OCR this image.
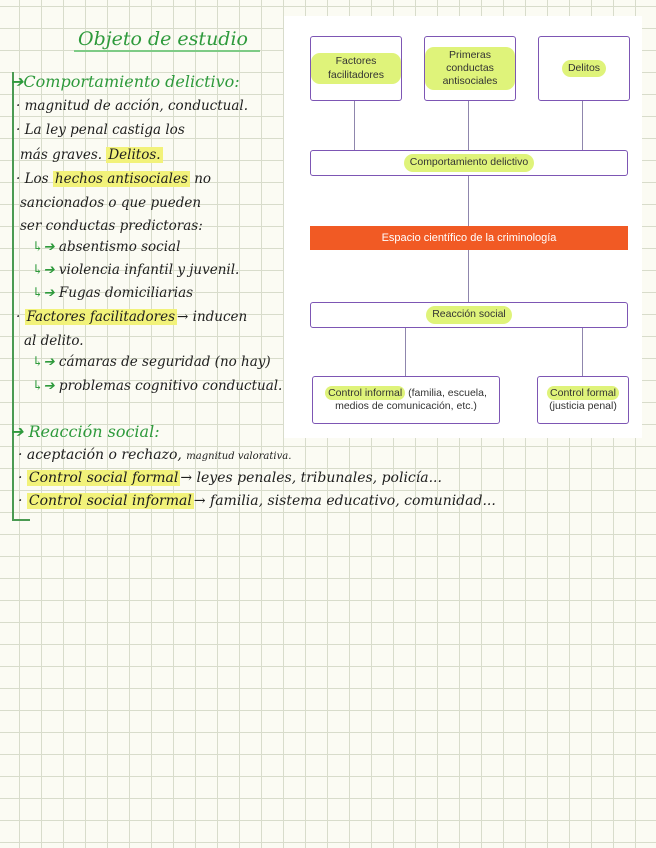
Objeto de estudio
➔Comportamiento delictivo:
· magnitud de acción, conductual.
· La ley penal castiga los
más graves. Delitos.
· Los hechos antisociales no
sancionados o que pueden
ser conductas predictoras:
↳➔ absentismo social
↳➔ violencia infantil y juvenil.
↳➔ Fugas domiciliarias
· Factores facilitadores → inducen
al delito.
↳➔ cámaras de seguridad (no hay)
↳➔ problemas cognitivo conductual.
➔ Reacción social:
· aceptación o rechazo, magnitud valorativa.
· Control social formal → leyes penales, tribunales, policía...
· Control social informal → familia, sistema educativo, comunidad...
Factores facilitadores
Primeras conductas antisociales
Delitos
Comportamiento delictivo
Espacio científico de la criminología
Reacción social
Control informal (familia, escuela, medios de comunicación, etc.)
Control formal
(justicia penal)
